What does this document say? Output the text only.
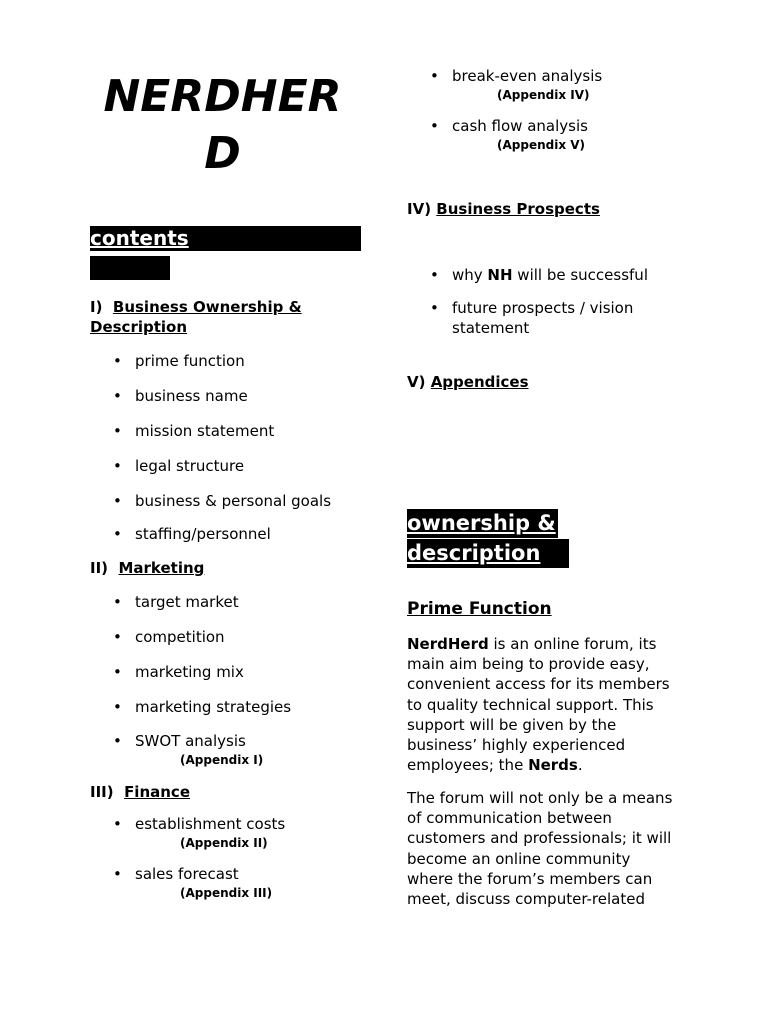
NERDHER
D
contents
I) Business Ownership &
Description
• prime function
• business name
• mission statement
• legal structure
• business & personal goals
• staffing/personnel
II) Marketing
• target market
• competition
• marketing mix
• marketing strategies
• SWOT analysis
(Appendix I)
III) Finance
• establishment costs
• sales forecast
(Appendix II)
(Appendix III)
• break-even analysis
• cash flow analysis
(Appendix IV)
(Appendix V)
IV) Business Prospects
• why NH will be successful
• future prospects / vision
statement
V) Appendices
ownership &
description
Prime Function
NerdHerd is an online forum, its
main aim being to provide easy,
convenient access for its members
to quality technical support. This
support will be given by the
business’ highly experienced
employees; the Nerds.
The forum will not only be a means
of communication between
customers and professionals; it will
become an online community
where the forum’s members can
meet, discuss computer-related
